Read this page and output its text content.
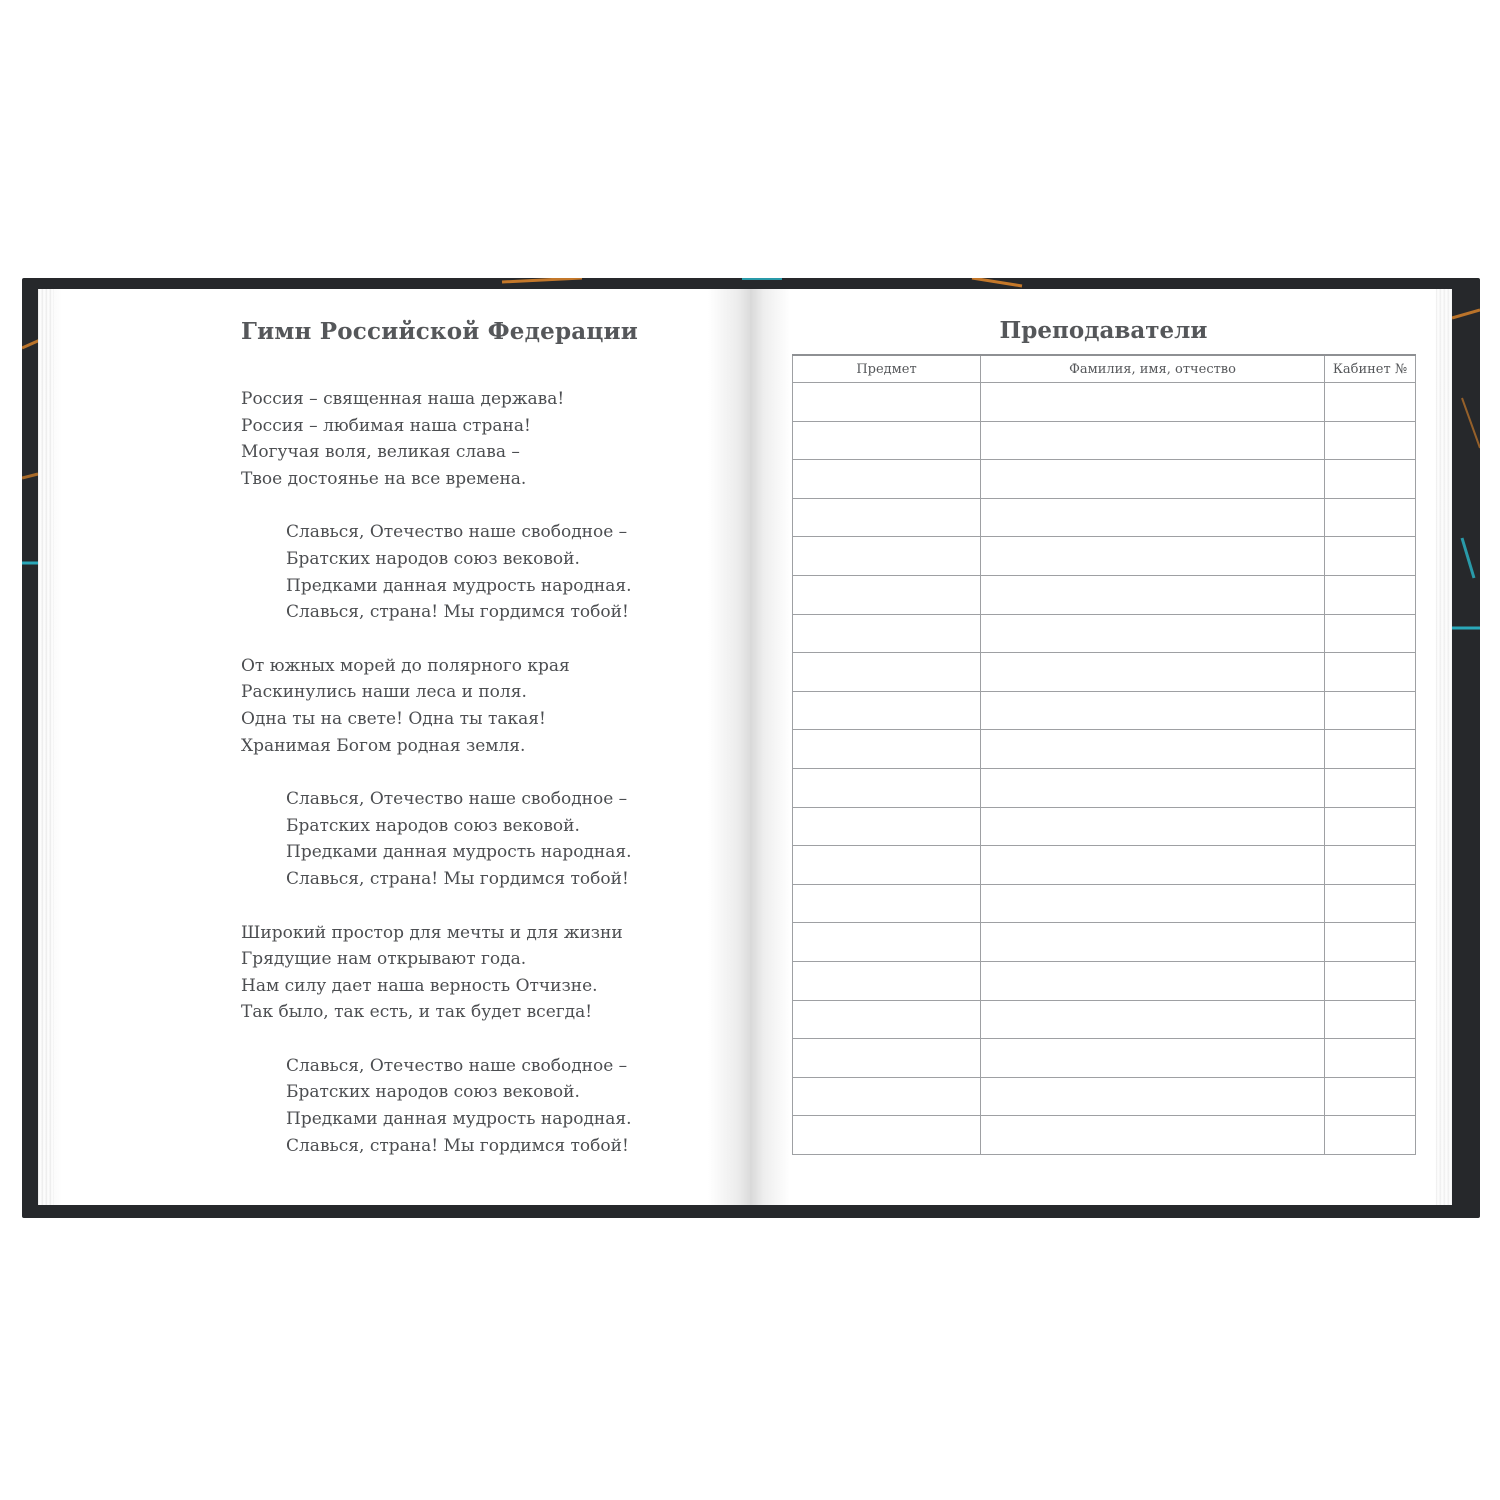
Гимн Российской Федерации

Россия – священная наша держава!
Россия – любимая наша страна!
Могучая воля, великая слава –
Твое достоянье на все времена.

Славься, Отечество наше свободное –
Братских народов союз вековой.
Предками данная мудрость народная.
Славься, страна! Мы гордимся тобой!

От южных морей до полярного края
Раскинулись наши леса и поля.
Одна ты на свете! Одна ты такая!
Хранимая Богом родная земля.

Славься, Отечество наше свободное –
Братских народов союз вековой.
Предками данная мудрость народная.
Славься, страна! Мы гордимся тобой!

Широкий простор для мечты и для жизни
Грядущие нам открывают года.
Нам силу дает наша верность Отчизне.
Так было, так есть, и так будет всегда!

Славься, Отечество наше свободное –
Братских народов союз вековой.
Предками данная мудрость народная.
Славься, страна! Мы гордимся тобой!

Преподаватели
Предмет	Фамилия, имя, отчество	Кабинет №
